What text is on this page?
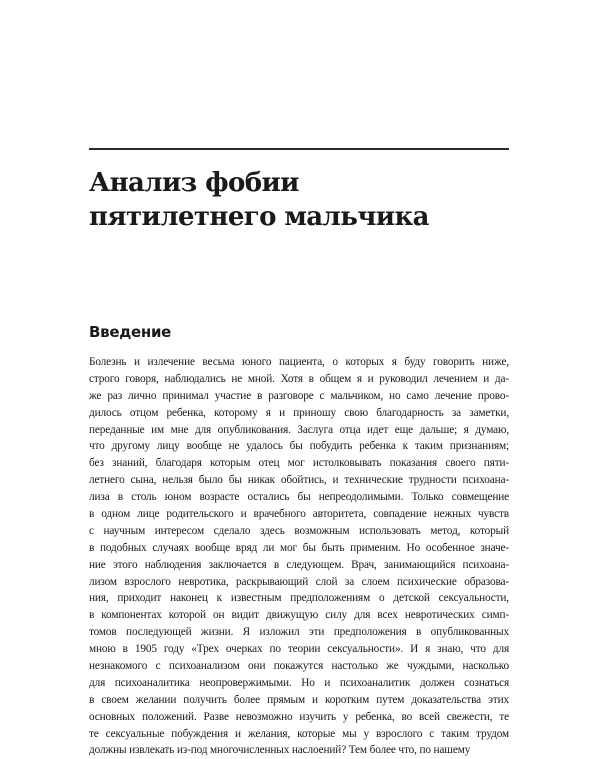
Анализ фобии
пятилетнего мальчика
Введение
Болезнь и излечение весьма юного пациента, о которых я буду говорить ниже,
строго говоря, наблюдались не мной. Хотя в общем я и руководил лечением и да-
же раз лично принимал участие в разговоре с мальчиком, но само лечение прово-
дилось отцом ребенка, которому я и приношу свою благодарность за заметки,
переданные им мне для опубликования. Заслуга отца идет еще дальше; я думаю,
что другому лицу вообще не удалось бы побудить ребенка к таким признаниям;
без знаний, благодаря которым отец мог истолковывать показания своего пяти-
летнего сына, нельзя было бы никак обойтись, и технические трудности психоана-
лиза в столь юном возрасте остались бы непреодолимыми. Только совмещение
в одном лице родительского и врачебного авторитета, совпадение нежных чувств
с научным интересом сделало здесь возможным использовать метод, который
в подобных случаях вообще вряд ли мог бы быть применим. Но особенное значе-
ние этого наблюдения заключается в следующем. Врач, занимающийся психоана-
лизом взрослого невротика, раскрывающий слой за слоем психические образова-
ния, приходит наконец к известным предположениям о детской сексуальности,
в компонентах которой он видит движущую силу для всех невротических симп-
томов последующей жизни. Я изложил эти предположения в опубликованных
мною в 1905 году «Трех очерках по теории сексуальности». И я знаю, что для
незнакомого с психоанализом они покажутся настолько же чуждыми, насколько
для психоаналитика неопровержимыми. Но и психоаналитик должен сознаться
в своем желании получить более прямым и коротким путем доказательства этих
основных положений. Разве невозможно изучить у ребенка, во всей свежести, те
те сексуальные побуждения и желания, которые мы у взрослого с таким трудом
должны извлекать из-под многочисленных наслоений? Тем более что, по нашему
